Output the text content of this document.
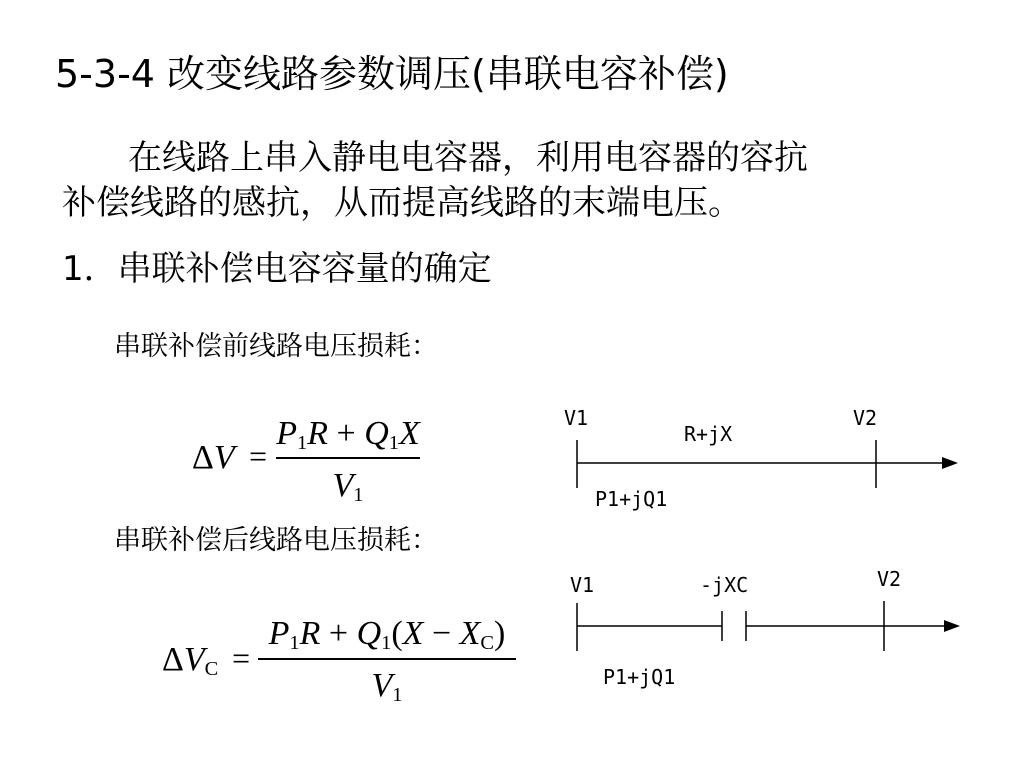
5-3-4 改变线路参数调压(串联电容补偿)
在线路上串入静电电容器，利用电容器的容抗
补偿线路的感抗，从而提高线路的末端电压。
1．串联补偿电容容量的确定
串联补偿前线路电压损耗：
串联补偿后线路电压损耗：
ΔV =
$P_1R + Q_1X$
$V_1$
$\Delta V_C$ =
$P_1R + Q_1(X - X_C)$
$V_1$
V1	V2
R+jX
P1+jQ1
V1	V2
-jXC
P1+jQ1
